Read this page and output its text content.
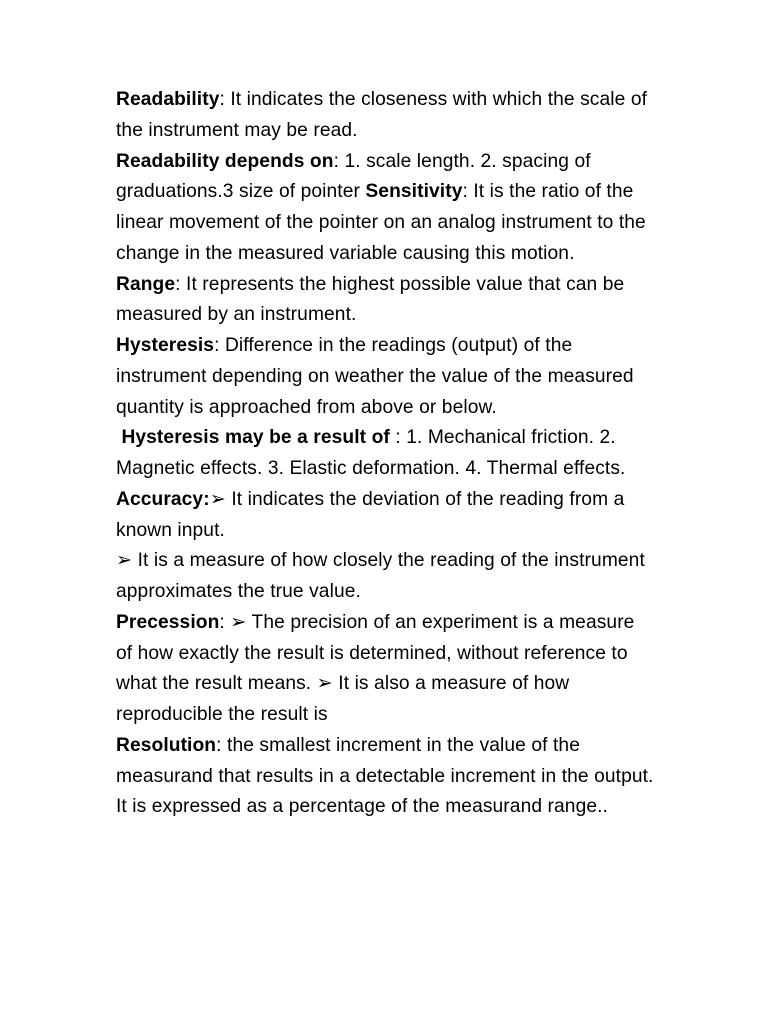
Readability: It indicates the closeness with which the scale of the instrument may be read.

Readability depends on: 1. scale length. 2. spacing of graduations.3 size of pointer Sensitivity: It is the ratio of the linear movement of the pointer on an analog instrument to the change in the measured variable causing this motion.

Range: It represents the highest possible value that can be measured by an instrument.

Hysteresis: Difference in the readings (output) of the instrument depending on weather the value of the measured quantity is approached from above or below.

Hysteresis may be a result of : 1. Mechanical friction. 2. Magnetic effects. 3. Elastic deformation. 4. Thermal effects.

Accuracy:➢ It indicates the deviation of the reading from a known input.

➢ It is a measure of how closely the reading of the instrument approximates the true value.

Precession: ➢ The precision of an experiment is a measure of how exactly the result is determined, without reference to what the result means. ➢ It is also a measure of how reproducible the result is

Resolution: the smallest increment in the value of the measurand that results in a detectable increment in the output. It is expressed as a percentage of the measurand range..
